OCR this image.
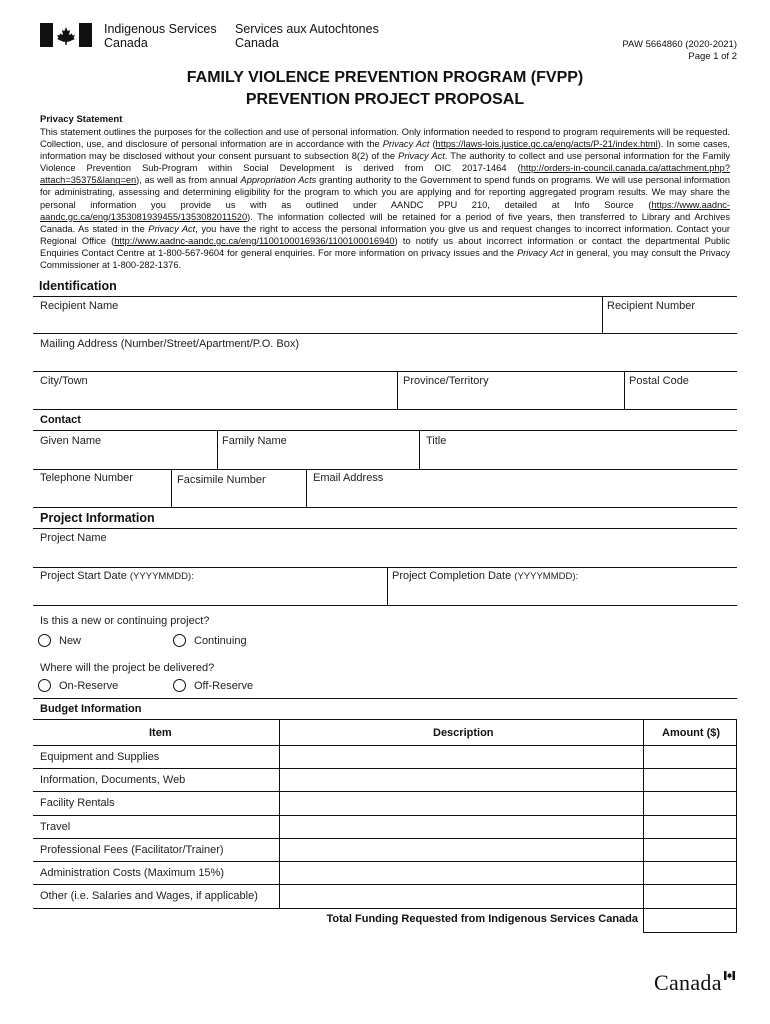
Indigenous Services
Canada
Services aux Autochtones
Canada	PAW 5664860 (2020-2021)
Page 1 of 2
FAMILY VIOLENCE PREVENTION PROGRAM (FVPP)
PREVENTION PROJECT PROPOSAL
Privacy Statement
This statement outlines the purposes for the collection and use of personal information. Only information needed to respond to program requirements will be requested. Collection, use, and disclosure of personal information are in accordance with the Privacy Act (https://laws-lois.justice.gc.ca/eng/acts/P-21/index.html). In some cases, information may be disclosed without your consent pursuant to subsection 8(2) of the Privacy Act. The authority to collect and use personal information for the Family Violence Prevention Sub-Program within Social Development is derived from OIC 2017-1464 (http://orders-in-council.canada.ca/attachment.php?attach=35375&lang=en), as well as from annual Appropriation Acts granting authority to the Government to spend funds on programs. We will use personal information for administrating, assessing and determining eligibility for the program to which you are applying and for reporting aggregated program results. We may share the personal information you provide us with as outlined under AANDC PPU 210, detailed at Info Source (https://www.aadnc-aandc.gc.ca/eng/1353081939455/1353082011520). The information collected will be retained for a period of five years, then transferred to Library and Archives Canada. As stated in the Privacy Act, you have the right to access the personal information you give us and request changes to incorrect information. Contact your Regional Office (http://www.aadnc-aandc.gc.ca/eng/1100100016936/1100100016940) to notify us about incorrect information or contact the departmental Public Enquiries Contact Centre at 1-800-567-9604 for general enquiries. For more information on privacy issues and the Privacy Act in general, you may consult the Privacy Commissioner at 1-800-282-1376.
Identification
Recipient Name	Recipient Number
Mailing Address (Number/Street/Apartment/P.O. Box)
City/Town	Province/Territory	Postal Code
Contact
Given Name	Family Name	Title
Telephone Number	Facsimile Number	Email Address
Project Information
Project Name
Project Start Date (YYYYMMDD):	Project Completion Date (YYYYMMDD):
Is this a new or continuing project?
New	Continuing
Where will the project be delivered?
On-Reserve	Off-Reserve
Budget Information
Item	Description	Amount ($)
Equipment and Supplies
Information, Documents, Web
Facility Rentals
Travel
Professional Fees (Facilitator/Trainer)
Administration Costs (Maximum 15%)
Other (i.e. Salaries and Wages, if applicable)
Total Funding Requested from Indigenous Services Canada
Canada
